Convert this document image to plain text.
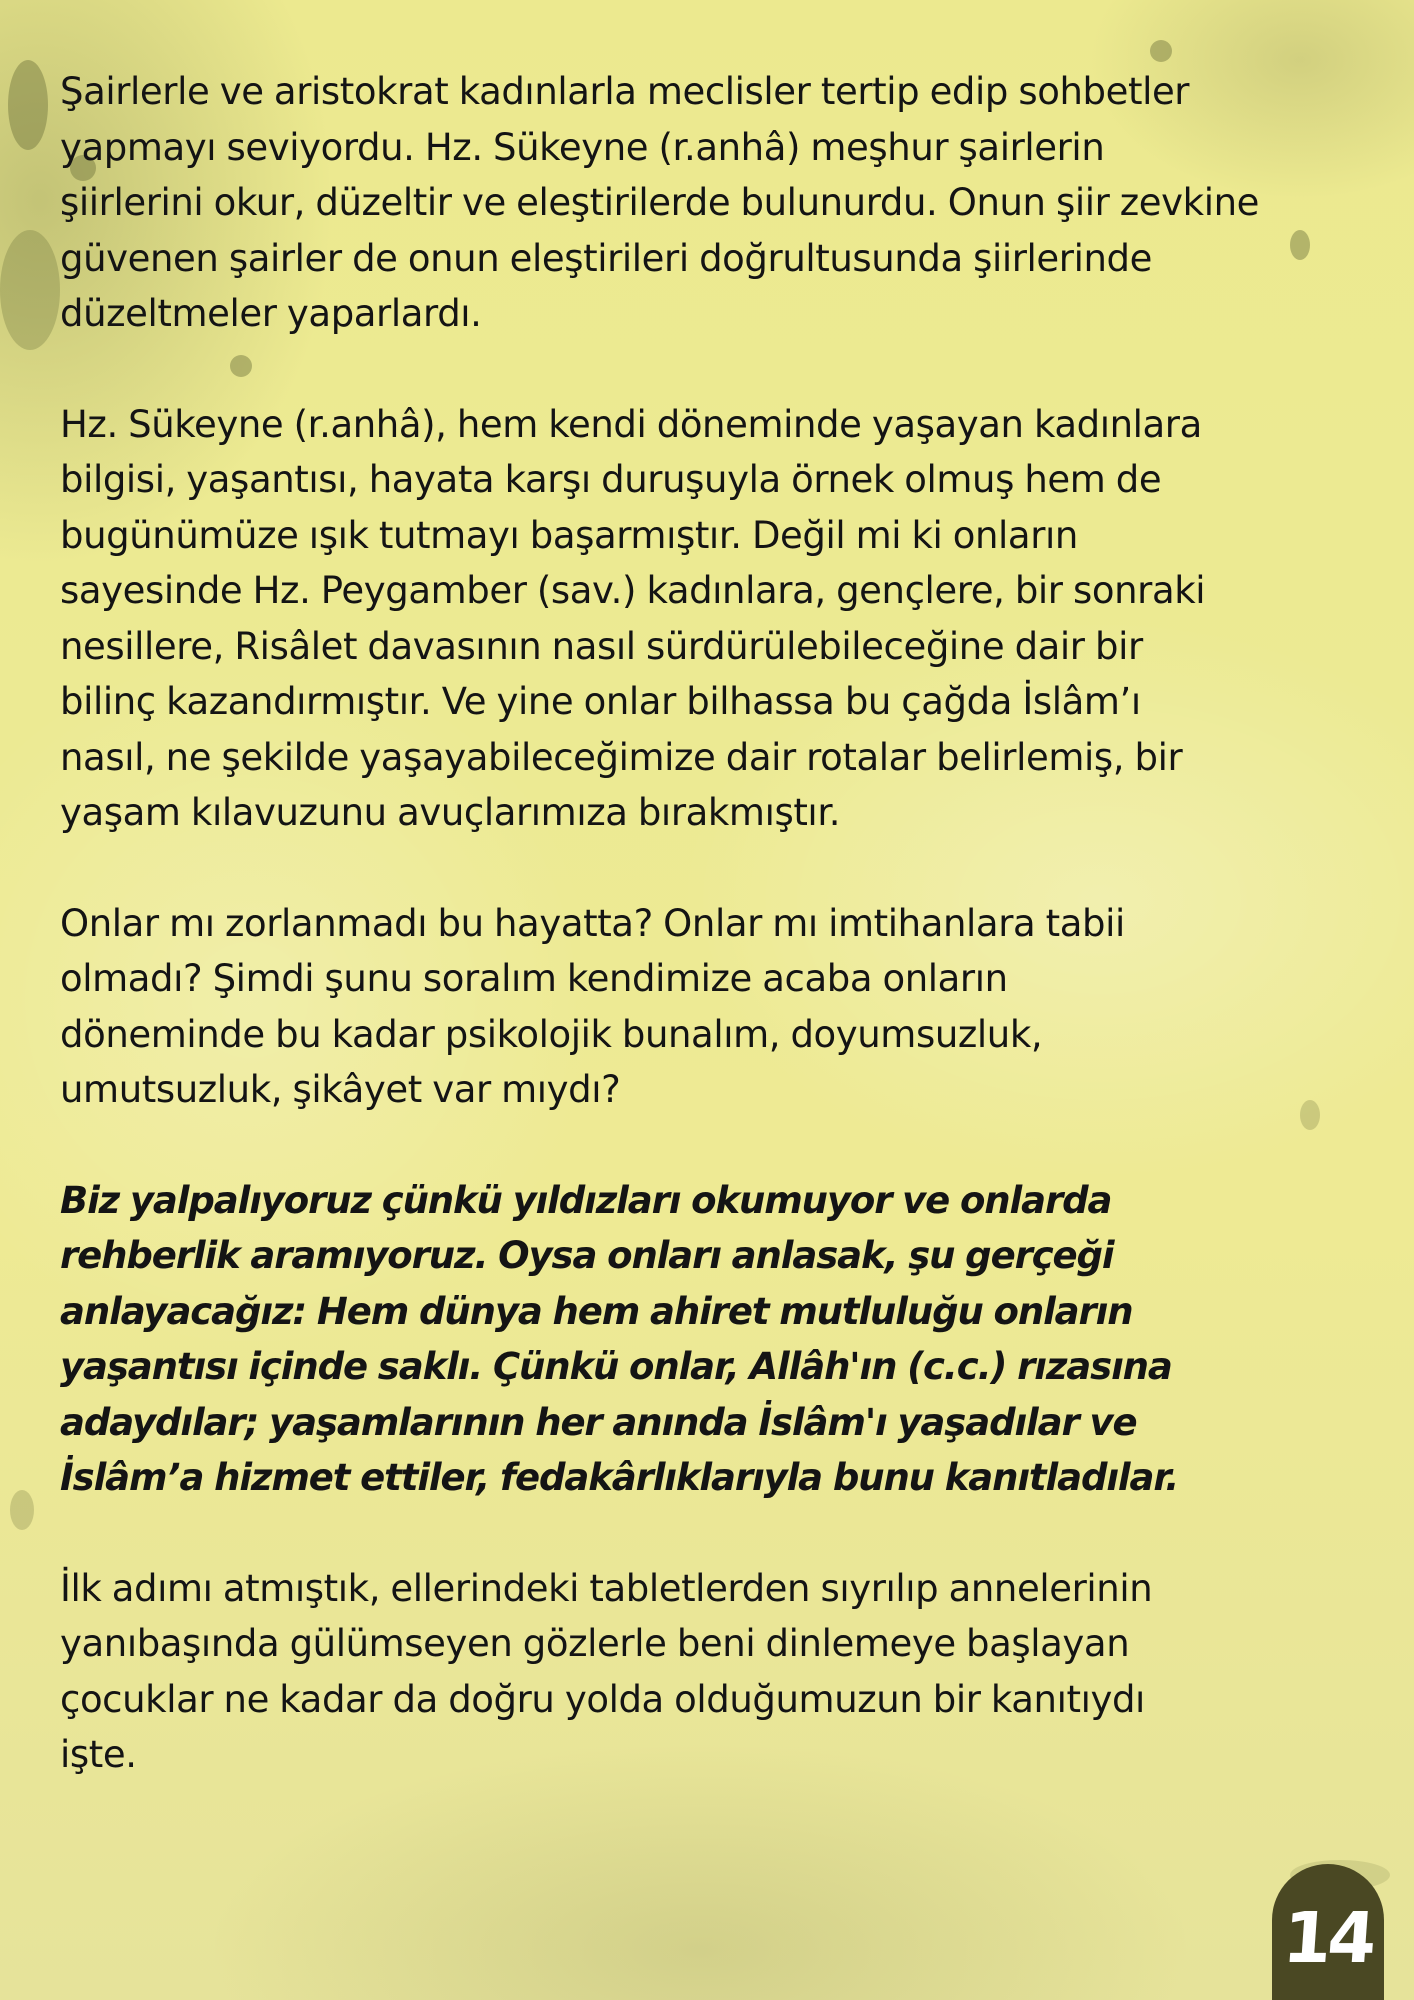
Şairlerle ve aristokrat kadınlarla meclisler tertip edip sohbetler
yapmayı seviyordu. Hz. Sükeyne (r.anhâ) meşhur şairlerin
şiirlerini okur, düzeltir ve eleştirilerde bulunurdu. Onun şiir zevkine
güvenen şairler de onun eleştirileri doğrultusunda şiirlerinde
düzeltmeler yaparlardı.

Hz. Sükeyne (r.anhâ), hem kendi döneminde yaşayan kadınlara
bilgisi, yaşantısı, hayata karşı duruşuyla örnek olmuş hem de
bugünümüze ışık tutmayı başarmıştır. Değil mi ki onların
sayesinde Hz. Peygamber (sav.) kadınlara, gençlere, bir sonraki
nesillere, Risâlet davasının nasıl sürdürülebileceğine dair bir
bilinç kazandırmıştır. Ve yine onlar bilhassa bu çağda İslâm’ı
nasıl, ne şekilde yaşayabileceğimize dair rotalar belirlemiş, bir
yaşam kılavuzunu avuçlarımıza bırakmıştır.

Onlar mı zorlanmadı bu hayatta? Onlar mı imtihanlara tabii
olmadı? Şimdi şunu soralım kendimize acaba onların
döneminde bu kadar psikolojik bunalım, doyumsuzluk,
umutsuzluk, şikâyet var mıydı?

Biz yalpalıyoruz çünkü yıldızları okumuyor ve onlarda
rehberlik aramıyoruz. Oysa onları anlasak, şu gerçeği
anlayacağız: Hem dünya hem ahiret mutluluğu onların
yaşantısı içinde saklı. Çünkü onlar, Allâh'ın (c.c.) rızasına
adaydılar; yaşamlarının her anında İslâm'ı yaşadılar ve
İslâm’a hizmet ettiler, fedakârlıklarıyla bunu kanıtladılar.

İlk adımı atmıştık, ellerindeki tabletlerden sıyrılıp annelerinin
yanıbaşında gülümseyen gözlerle beni dinlemeye başlayan
çocuklar ne kadar da doğru yolda olduğumuzun bir kanıtıydı
işte.

14
